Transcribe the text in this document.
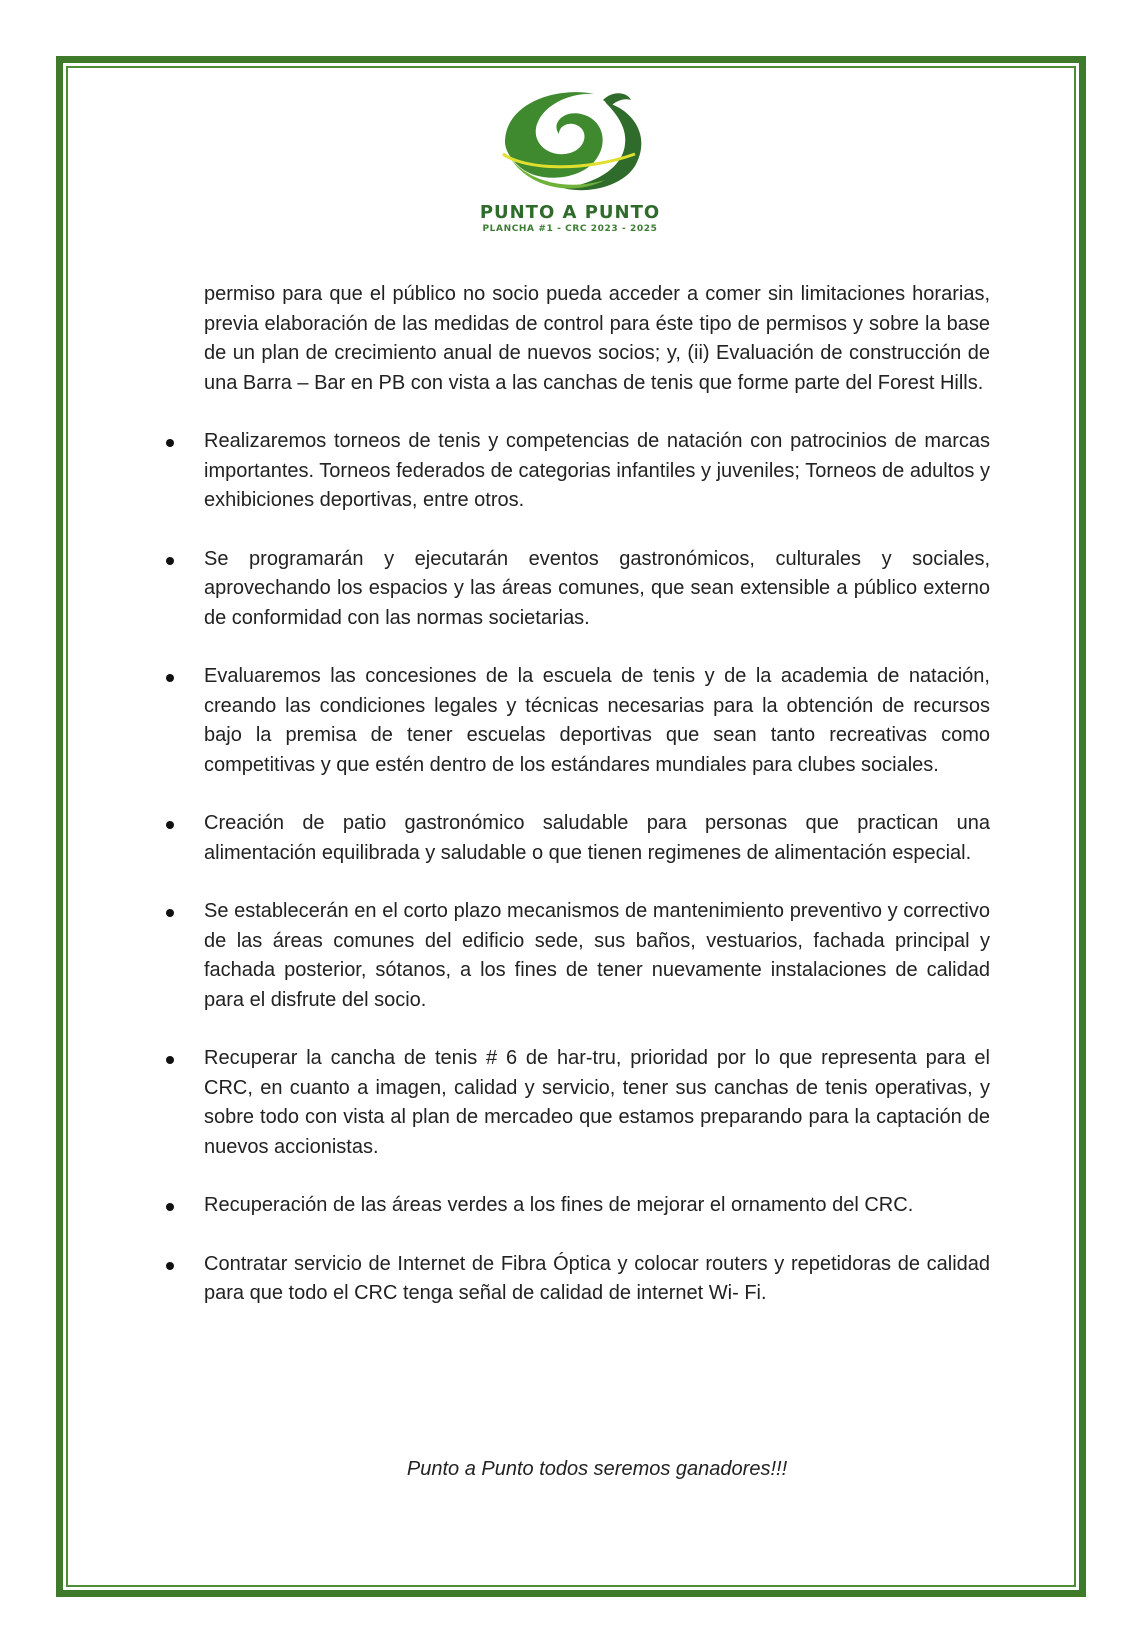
PUNTO A PUNTO
PLANCHA #1 - CRC 2023 - 2025

permiso para que el público no socio pueda acceder a comer sin limitaciones horarias, previa elaboración de las medidas de control para éste tipo de permisos y sobre la base de un plan de crecimiento anual de nuevos socios; y, (ii) Evaluación de construcción de una Barra – Bar en PB con vista a las canchas de tenis que forme parte del Forest Hills.

Realizaremos torneos de tenis y competencias de natación con patrocinios de marcas importantes. Torneos federados de categorias infantiles y juveniles; Torneos de adultos y exhibiciones deportivas, entre otros.
Se programarán y ejecutarán eventos gastronómicos, culturales y sociales, aprovechando los espacios y las áreas comunes, que sean extensible a público externo de conformidad con las normas societarias.
Evaluaremos las concesiones de la escuela de tenis y de la academia de natación, creando las condiciones legales y técnicas necesarias para la obtención de recursos bajo la premisa de tener escuelas deportivas que sean tanto recreativas como competitivas y que estén dentro de los estándares mundiales para clubes sociales.
Creación de patio gastronómico saludable para personas que practican una alimentación equilibrada y saludable o que tienen regimenes de alimentación especial.
Se establecerán en el corto plazo mecanismos de mantenimiento preventivo y correctivo de las áreas comunes del edificio sede, sus baños, vestuarios, fachada principal y fachada posterior, sótanos, a los fines de tener nuevamente instalaciones de calidad para el disfrute del socio.
Recuperar la cancha de tenis # 6 de har-tru, prioridad por lo que representa para el CRC, en cuanto a imagen, calidad y servicio, tener sus canchas de tenis operativas, y sobre todo con vista al plan de mercadeo que estamos preparando para la captación de nuevos accionistas.
Recuperación de las áreas verdes a los fines de mejorar el ornamento del CRC.
Contratar servicio de Internet de Fibra Óptica y colocar routers y repetidoras de calidad para que todo el CRC tenga señal de calidad de internet Wi- Fi.
Punto a Punto todos seremos ganadores!!!
